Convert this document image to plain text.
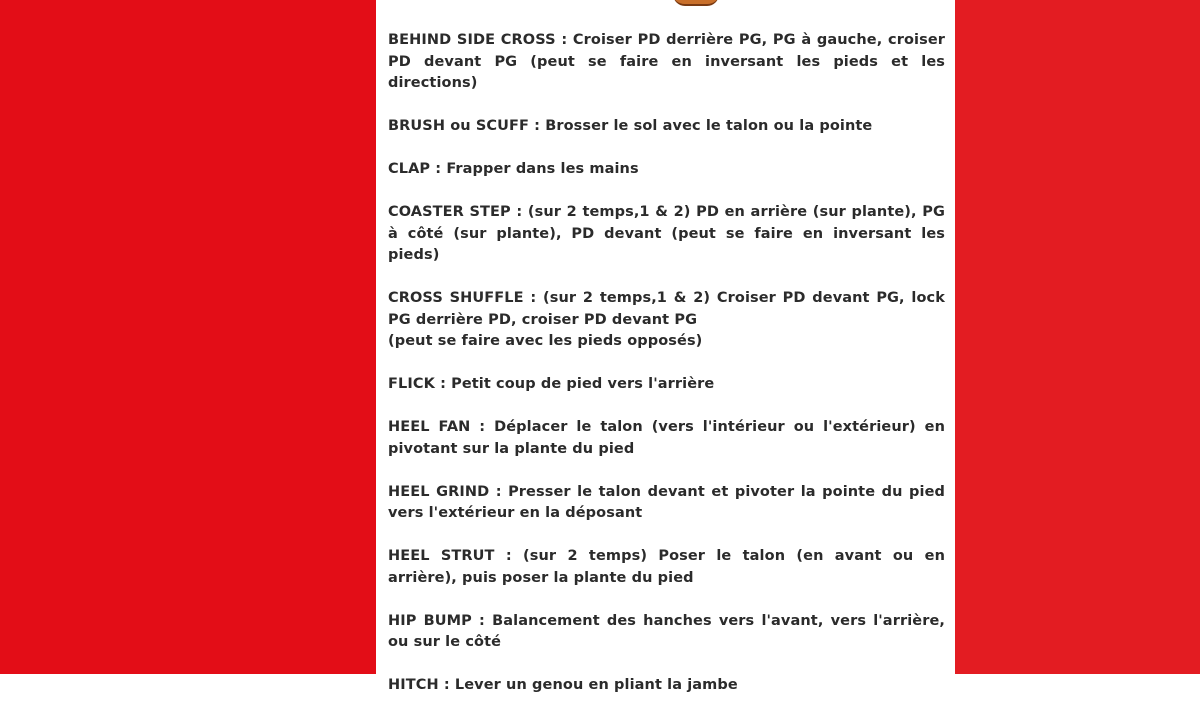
BEHIND SIDE CROSS : Croiser PD derrière PG, PG à gauche, croiser PD devant PG (peut se faire en inversant les pieds et les directions)
BRUSH ou SCUFF : Brosser le sol avec le talon ou la pointe
CLAP : Frapper dans les mains
COASTER STEP : (sur 2 temps,1 & 2) PD en arrière (sur plante), PG à côté (sur plante), PD devant (peut se faire en inversant les pieds)
CROSS SHUFFLE : (sur 2 temps,1 & 2) Croiser PD devant PG, lock PG derrière PD, croiser PD devant PG
(peut se faire avec les pieds opposés)
FLICK : Petit coup de pied vers l'arrière
HEEL FAN : Déplacer le talon (vers l'intérieur ou l'extérieur) en pivotant sur la plante du pied
HEEL GRIND : Presser le talon devant et pivoter la pointe du pied vers l'extérieur en la déposant
HEEL STRUT : (sur 2 temps) Poser le talon (en avant ou en arrière), puis poser la plante du pied
HIP BUMP : Balancement des hanches vers l'avant, vers l'arrière, ou sur le côté
HITCH : Lever un genou en pliant la jambe
